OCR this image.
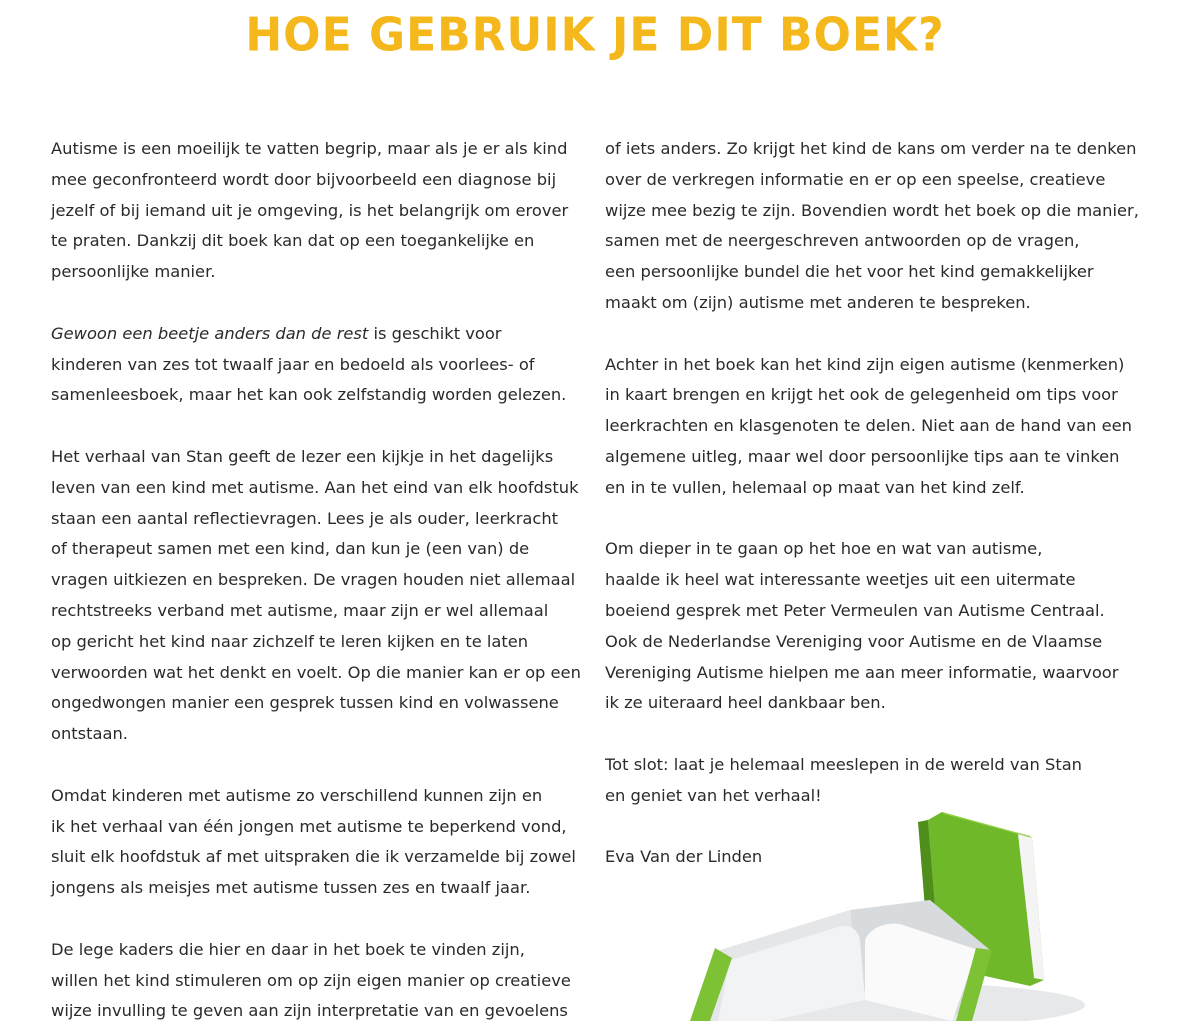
HOE GEBRUIK JE DIT BOEK?
Autisme is een moeilijk te vatten begrip, maar als je er als kind
mee geconfronteerd wordt door bijvoorbeeld een diagnose bij
jezelf of bij iemand uit je omgeving, is het belangrijk om erover
te praten. Dankzij dit boek kan dat op een toegankelijke en
persoonlijke manier.
Gewoon een beetje anders dan de rest is geschikt voor
kinderen van zes tot twaalf jaar en bedoeld als voorlees- of
samenleesboek, maar het kan ook zelfstandig worden gelezen.
Het verhaal van Stan geeft de lezer een kijkje in het dagelijks
leven van een kind met autisme. Aan het eind van elk hoofdstuk
staan een aantal reflectievragen. Lees je als ouder, leerkracht
of therapeut samen met een kind, dan kun je (een van) de
vragen uitkiezen en bespreken. De vragen houden niet allemaal
rechtstreeks verband met autisme, maar zijn er wel allemaal
op gericht het kind naar zichzelf te leren kijken en te laten
verwoorden wat het denkt en voelt. Op die manier kan er op een
ongedwongen manier een gesprek tussen kind en volwassene
ontstaan.
Omdat kinderen met autisme zo verschillend kunnen zijn en
ik het verhaal van één jongen met autisme te beperkend vond,
sluit elk hoofdstuk af met uitspraken die ik verzamelde bij zowel
jongens als meisjes met autisme tussen zes en twaalf jaar.
De lege kaders die hier en daar in het boek te vinden zijn,
willen het kind stimuleren om op zijn eigen manier op creatieve
wijze invulling te geven aan zijn interpretatie van en gevoelens
of iets anders. Zo krijgt het kind de kans om verder na te denken
over de verkregen informatie en er op een speelse, creatieve
wijze mee bezig te zijn. Bovendien wordt het boek op die manier,
samen met de neergeschreven antwoorden op de vragen,
een persoonlijke bundel die het voor het kind gemakkelijker
maakt om (zijn) autisme met anderen te bespreken.
Achter in het boek kan het kind zijn eigen autisme (kenmerken)
in kaart brengen en krijgt het ook de gelegenheid om tips voor
leerkrachten en klasgenoten te delen. Niet aan de hand van een
algemene uitleg, maar wel door persoonlijke tips aan te vinken
en in te vullen, helemaal op maat van het kind zelf.
Om dieper in te gaan op het hoe en wat van autisme,
haalde ik heel wat interessante weetjes uit een uitermate
boeiend gesprek met Peter Vermeulen van Autisme Centraal.
Ook de Nederlandse Vereniging voor Autisme en de Vlaamse
Vereniging Autisme hielpen me aan meer informatie, waarvoor
ik ze uiteraard heel dankbaar ben.
Tot slot: laat je helemaal meeslepen in de wereld van Stan
en geniet van het verhaal!
Eva Van der Linden
